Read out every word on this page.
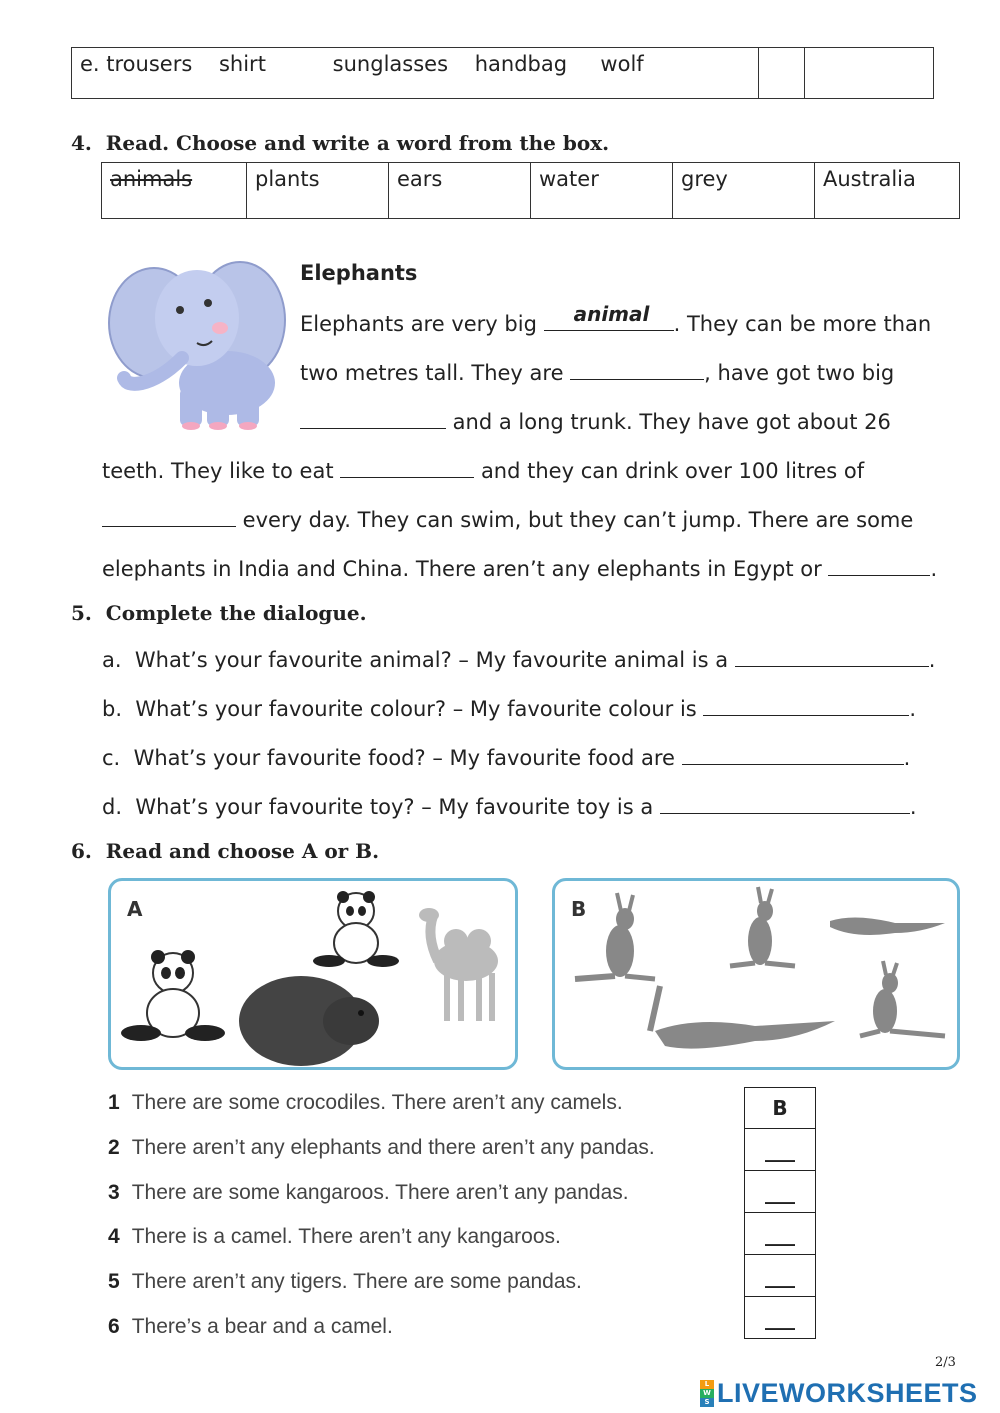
e. trousers    shirt          sunglasses    handbag     wolf
4.  Read. Choose and write a word from the box.
animals	plants	ears	water	grey	Australia
Elephants
Elephants are very big animal . They can be more than
two metres tall. They are	, have got two big
and a long trunk. They have got about 26
teeth. They like to eat	and they can drink over 100 litres of
every day. They can swim, but they can’t jump. There are some
elephants in India and China. There aren’t any elephants in Egypt or	.
5.  Complete the dialogue.
a.  What’s your favourite animal? – My favourite animal is a	.
b.  What’s your favourite colour? – My favourite colour is	.
c.  What’s your favourite food? – My favourite food are	.
d.  What’s your favourite toy? – My favourite toy is a	.
6.  Read and choose A or B.
A	B
1 There are some crocodiles. There aren’t any camels.
2 There aren’t any elephants and there aren’t any pandas.
3 There are some kangaroos. There aren’t any pandas.
4 There is a camel. There aren’t any kangaroos.
5 There aren’t any tigers. There are some pandas.
6 There’s a bear and a camel.
B
___
___
___
___
___
2/3
L
W
S LIVEWORKSHEETS
